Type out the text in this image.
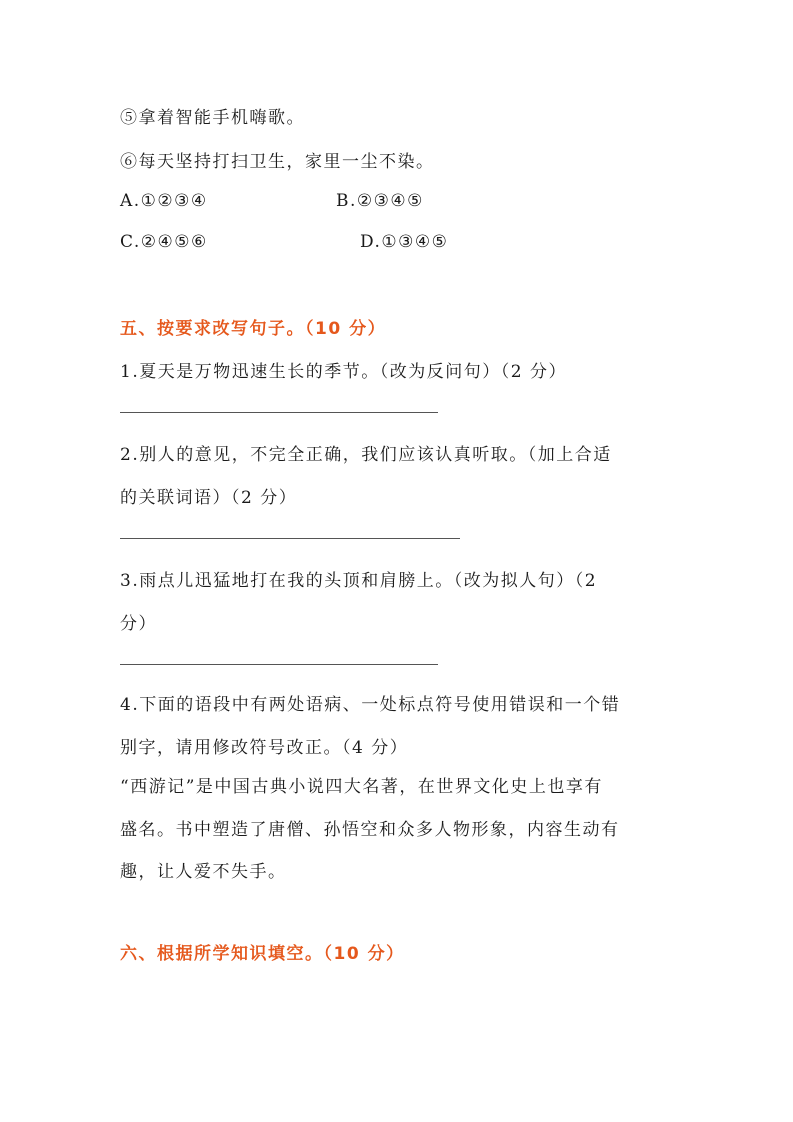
⑤拿着智能手机嗨歌。
⑥每天坚持打扫卫生，家里一尘不染。
A.①②③④	B.②③④⑤
C.②④⑤⑥	D.①③④⑤
五、按要求改写句子。（10 分）
1.夏天是万物迅速生长的季节。（改为反问句）（2 分）
2.别人的意见，不完全正确，我们应该认真听取。（加上合适
的关联词语）（2 分）
3.雨点儿迅猛地打在我的头顶和肩膀上。（改为拟人句）（2
分）
4.下面的语段中有两处语病、一处标点符号使用错误和一个错
别字，请用修改符号改正。（4 分）
“西游记”是中国古典小说四大名著，在世界文化史上也享有
盛名。书中塑造了唐僧、孙悟空和众多人物形象，内容生动有
趣，让人爱不失手。
六、根据所学知识填空。（10 分）
